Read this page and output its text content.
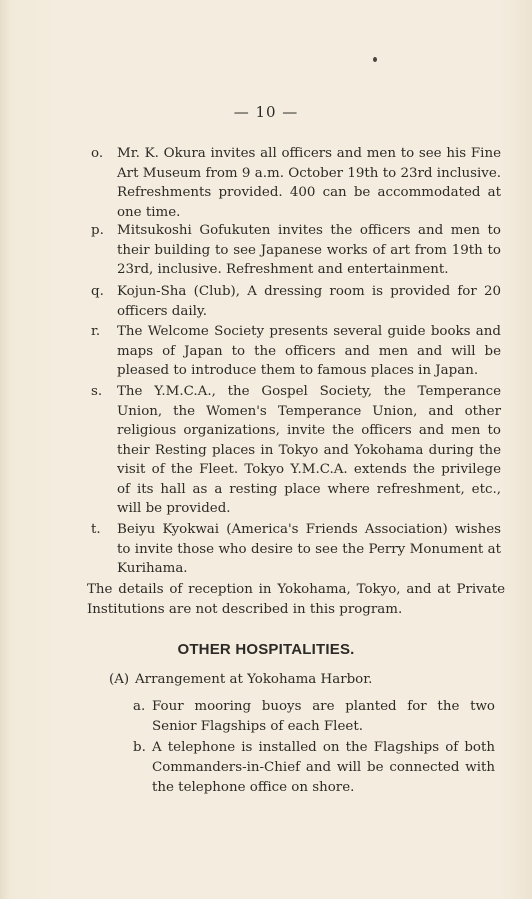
— 10 —
o.	Mr. K. Okura invites all officers and men to see his Fine Art Museum from 9 a.m. October 19th to 23rd inclusive. Refreshments provided. 400 can be accommodated at one time.
p. Mitsukoshi Gofukuten invites the officers and men to their building to see Japanese works of art from 19th to 23rd, inclusive. Refreshment and entertainment.
q. Kojun-Sha (Club), A dressing room is provided for 20 officers daily.
r.	The Welcome Society presents several guide books and maps of Japan to the officers and men and will be pleased to introduce them to famous places in Japan.
s.	The Y.M.C.A., the Gospel Society, the Temperance Union, the Women's Temperance Union, and other religious organizations, invite the officers and men to their Resting places in Tokyo and Yokohama during the visit of the Fleet. Tokyo Y.M.C.A. extends the privilege of its hall as a resting place where refreshment, etc., will be provided.
t.	Beiyu Kyokwai (America's Friends Association) wishes to invite those who desire to see the Perry Monument at Kurihama.
The details of reception in Yokohama, Tokyo, and at Private Institutions are not described in this program.
OTHER HOSPITALITIES.
(A) Arrangement at Yokohama Harbor.
a. Four mooring buoys are planted for the two Senior Flagships of each Fleet.
b. A telephone is installed on the Flagships of both Commanders-in-Chief and will be connected with the telephone office on shore.
